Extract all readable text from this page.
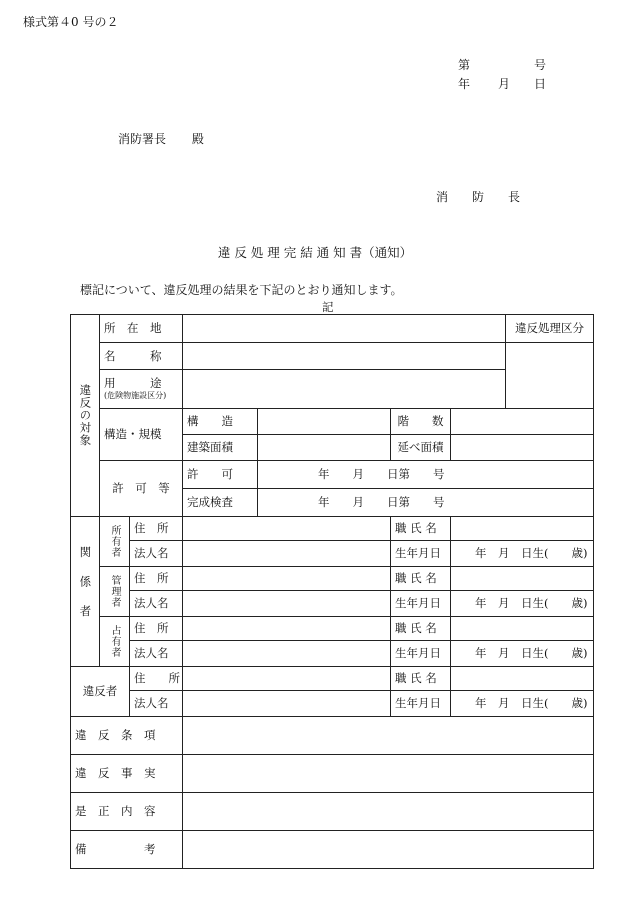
様式第４0 号の２
第	号
年 月 日
消防署長 殿
消　　防　　長
違 反 処 理 完 結 通 知 書（通知）
標記について、違反処理の結果を下記のとおり通知します。
記
違反の対象	所　在　地						違反処理区分
	名　　　称						
	用　　　途
(危険物施設区分)						

	構造・規模		構　　造		階　　数		
			建築面積		延べ面積		
	許　可　等		許　　可	年　　月　　日第　　号			
			完成検査	年　　月　　日第　　号			
関係者	所有者	住　所			職 氏 名		
		法人名			生年月日	年　月　日生(　　歳)	
	管理者	住　所			職 氏 名		
		法人名			生年月日	年　月　日生(　　歳)	
	占有者	住　所			職 氏 名		
		法人名			生年月日	年　月　日生(　　歳)	
違反者		住　　所			職 氏 名		
		法人名			生年月日	年　月　日生(　　歳)	
違　反　条　項							
違　反　事　実							
是　正　内　容							
備　　　　　考							
